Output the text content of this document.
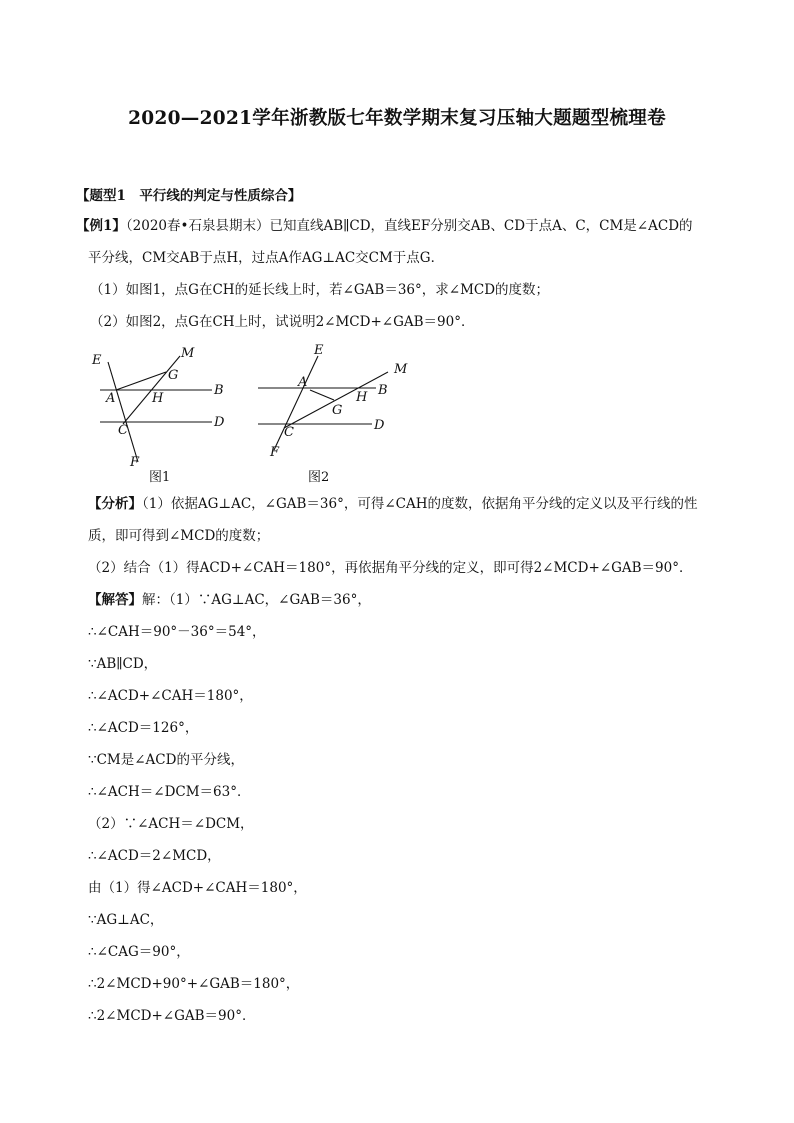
2020—2021学年浙教版七年数学期末复习压轴大题题型梳理卷
【题型1　平行线的判定与性质综合】
【例1】（2020春•石泉县期末）已知直线AB∥CD，直线EF分别交AB、CD于点A、C，CM是∠ACD的
平分线，CM交AB于点H，过点A作AG⊥AC交CM于点G．
（1）如图1，点G在CH的延长线上时，若∠GAB＝36°，求∠MCD的度数；
（2）如图2，点G在CH上时，试说明2∠MCD+∠GAB＝90°．
E	M
G
B
A	H
C
D
F
图1
E
M
A
B
H
G
C	D
F
图2
【分析】（1）依据AG⊥AC，∠GAB＝36°，可得∠CAH的度数，依据角平分线的定义以及平行线的性
质，即可得到∠MCD的度数；
（2）结合（1）得ACD+∠CAH＝180°，再依据角平分线的定义，即可得2∠MCD+∠GAB＝90°．
【解答】解：（1）∵AG⊥AC，∠GAB＝36°，
∴∠CAH＝90°－36°＝54°，
∵AB∥CD，
∴∠ACD+∠CAH＝180°，
∴∠ACD＝126°，
∵CM是∠ACD的平分线，
∴∠ACH＝∠DCM＝63°．
（2）∵∠ACH＝∠DCM，
∴∠ACD＝2∠MCD，
由（1）得∠ACD+∠CAH＝180°，
∵AG⊥AC，
∴∠CAG＝90°，
∴2∠MCD+90°+∠GAB＝180°，
∴2∠MCD+∠GAB＝90°．
